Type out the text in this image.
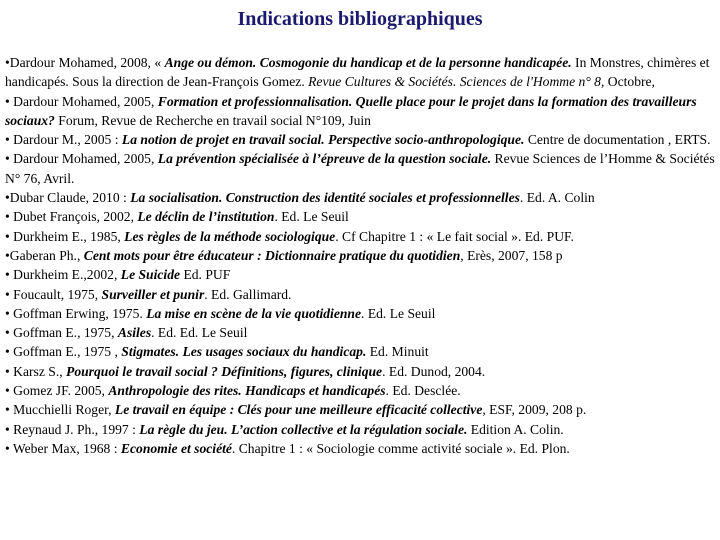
Indications bibliographiques
•Dardour Mohamed, 2008, « Ange ou démon. Cosmogonie du handicap et de la personne handicapée. In Monstres, chimères et handicapés. Sous la direction de Jean-François Gomez. Revue Cultures & Sociétés. Sciences de l'Homme n° 8, Octobre,
• Dardour Mohamed, 2005, Formation et professionnalisation. Quelle place pour le projet dans la formation des travailleurs sociaux? Forum, Revue de Recherche en travail social N°109, Juin
• Dardour M., 2005 : La notion de projet en travail social. Perspective socio-anthropologique. Centre de documentation , ERTS.
• Dardour Mohamed, 2005, La prévention spécialisée à l’épreuve de la question sociale. Revue Sciences de l’Homme & Sociétés N° 76, Avril.
•Dubar Claude, 2010 : La socialisation. Construction des identité sociales et professionnelles. Ed. A. Colin
• Dubet François, 2002, Le déclin de l’institution. Ed. Le Seuil
• Durkheim E., 1985, Les règles de la méthode sociologique. Cf Chapitre 1 : « Le fait social ». Ed. PUF.
•Gaberan Ph., Cent mots pour être éducateur : Dictionnaire pratique du quotidien, Erès, 2007, 158 p
• Durkheim E.,2002, Le Suicide Ed. PUF
• Foucault, 1975, Surveiller et punir. Ed. Gallimard.
• Goffman Erwing, 1975. La mise en scène de la vie quotidienne. Ed. Le Seuil
• Goffman E., 1975, Asiles. Ed. Ed. Le Seuil
• Goffman E., 1975 , Stigmates. Les usages sociaux du handicap. Ed. Minuit
• Karsz S., Pourquoi le travail social ? Définitions, figures, clinique. Ed. Dunod, 2004.
• Gomez JF. 2005, Anthropologie des rites. Handicaps et handicapés. Ed. Desclée.
• Mucchielli Roger, Le travail en équipe : Clés pour une meilleure efficacité collective, ESF, 2009, 208 p.
• Reynaud J. Ph., 1997 : La règle du jeu. L’action collective et la régulation sociale. Edition A. Colin.
• Weber Max, 1968 : Economie et société. Chapitre 1 : « Sociologie comme activité sociale ». Ed. Plon.
